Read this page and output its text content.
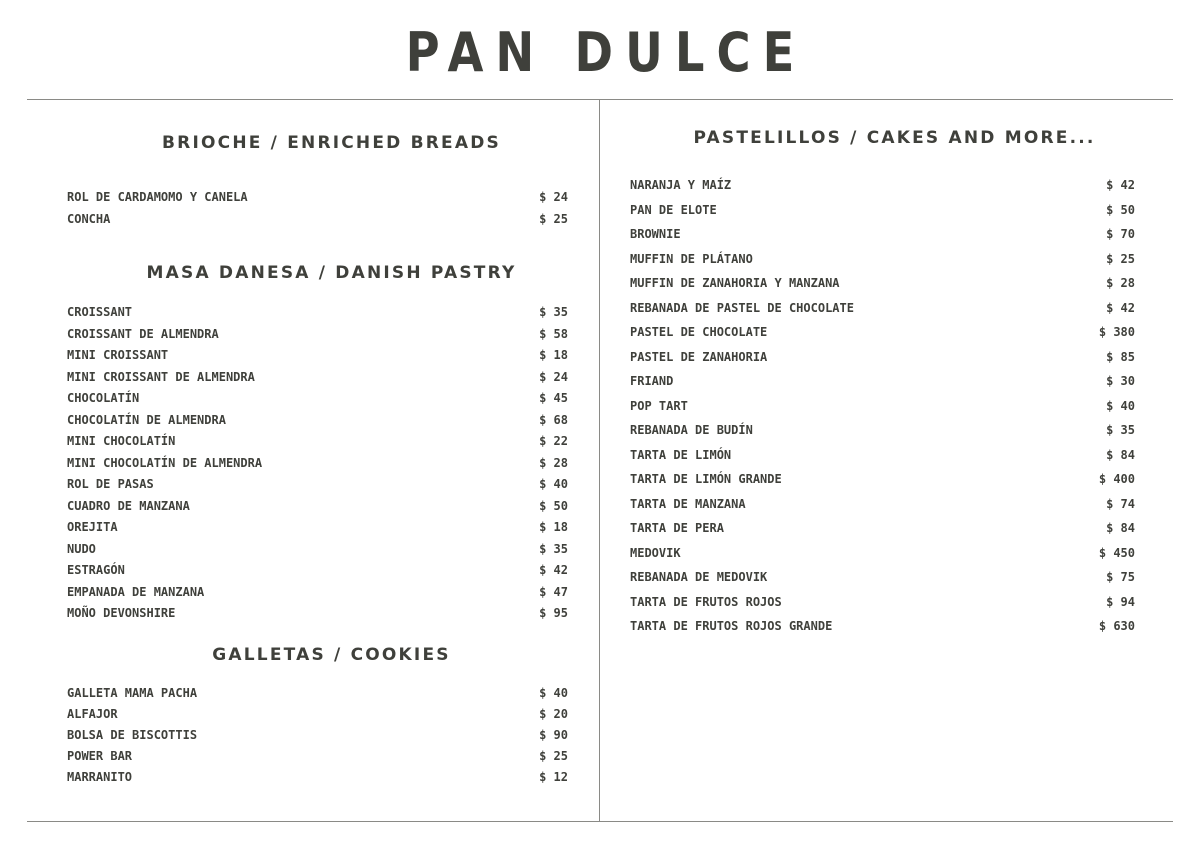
PAN DULCE
BRIOCHE / ENRICHED BREADS
MASA DANESA / DANISH PASTRY
GALLETAS / COOKIES
ROL DE CARDAMOMO Y CANELA	$ 24
CONCHA	$ 25
CROISSANT	$ 35
CROISSANT DE ALMENDRA	$ 58
MINI CROISSANT	$ 18
MINI CROISSANT DE ALMENDRA	$ 24
CHOCOLATÍN	$ 45
CHOCOLATÍN DE ALMENDRA	$ 68
MINI CHOCOLATÍN	$ 22
MINI CHOCOLATÍN DE ALMENDRA	$ 28
ROL DE PASAS	$ 40
CUADRO DE MANZANA	$ 50
OREJITA	$ 18
NUDO	$ 35
ESTRAGÓN	$ 42
EMPANADA DE MANZANA	$ 47
MOÑO DEVONSHIRE	$ 95
GALLETA MAMA PACHA	$ 40
ALFAJOR	$ 20
BOLSA DE BISCOTTIS	$ 90
POWER BAR	$ 25
MARRANITO	$ 12
PASTELILLOS / CAKES AND MORE...
NARANJA Y MAÍZ	$ 42
PAN DE ELOTE	$ 50
BROWNIE	$ 70
MUFFIN DE PLÁTANO	$ 25
MUFFIN DE ZANAHORIA Y MANZANA	$ 28
REBANADA DE PASTEL DE CHOCOLATE	$ 42
PASTEL DE CHOCOLATE	$ 380
PASTEL DE ZANAHORIA	$ 85
FRIAND	$ 30
POP TART	$ 40
REBANADA DE BUDÍN	$ 35
TARTA DE LIMÓN	$ 84
TARTA DE LIMÓN GRANDE	$ 400
TARTA DE MANZANA	$ 74
TARTA DE PERA	$ 84
MEDOVIK	$ 450
REBANADA DE MEDOVIK	$ 75
TARTA DE FRUTOS ROJOS	$ 94
TARTA DE FRUTOS ROJOS GRANDE	$ 630
